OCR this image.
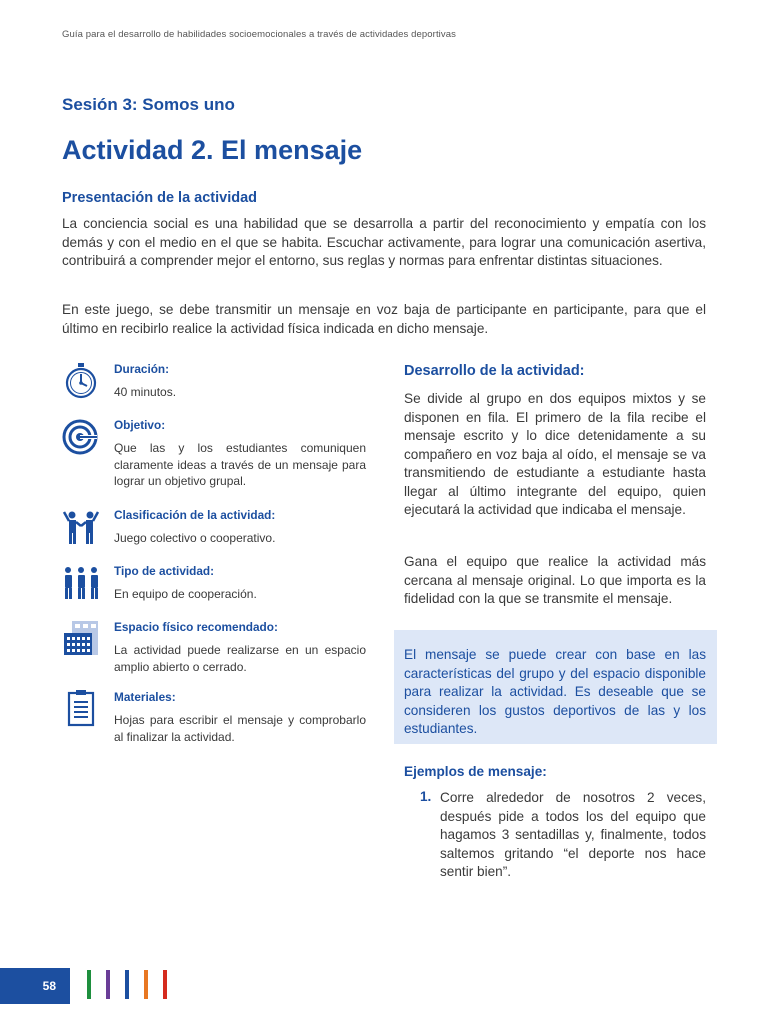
Guía para el desarrollo de habilidades socioemocionales a través de actividades deportivas
Sesión 3: Somos uno
Actividad 2. El mensaje
Presentación de la actividad

La conciencia social es una habilidad que se desarrolla a partir del reconocimiento y empatía con los demás y con el medio en el que se habita. Escuchar activamente, para lograr una comunicación asertiva, contribuirá a comprender mejor el entorno, sus reglas y normas para enfrentar distintas situaciones.

En este juego, se debe transmitir un mensaje en voz baja de participante en participante, para que el último en recibirlo realice la actividad física indicada en dicho mensaje.

Duración:

40 minutos.

Objetivo:

Que las y los estudiantes comuniquen claramente ideas a través de un mensaje para lograr un objetivo grupal.

Clasificación de la actividad:

Juego colectivo o cooperativo.

Tipo de actividad:

En equipo de cooperación.

Espacio físico recomendado:

La actividad puede realizarse en un espacio amplio abierto o cerrado.

Materiales:

Hojas para escribir el mensaje y comprobarlo al finalizar la actividad.

Desarrollo de la actividad:

Se divide al grupo en dos equipos mixtos y se disponen en fila. El primero de la fila recibe el mensaje escrito y lo dice detenidamente a su compañero en voz baja al oído, el mensaje se va transmitiendo de estudiante a estudiante hasta llegar al último integrante del equipo, quien ejecutará la actividad que indicaba el mensaje.

Gana el equipo que realice la actividad más cercana al mensaje original. Lo que importa es la fidelidad con la que se transmite el mensaje.

El mensaje se puede crear con base en las características del grupo y del espacio disponible para realizar la actividad. Es deseable que se consideren los gustos deportivos de las y los estudiantes.

Ejemplos de mensaje:
1. Corre alrededor de nosotros 2 veces, después pide a todos los del equipo que hagamos 3 sentadillas y, finalmente, todos saltemos gritando “el deporte nos hace sentir bien”.

58
